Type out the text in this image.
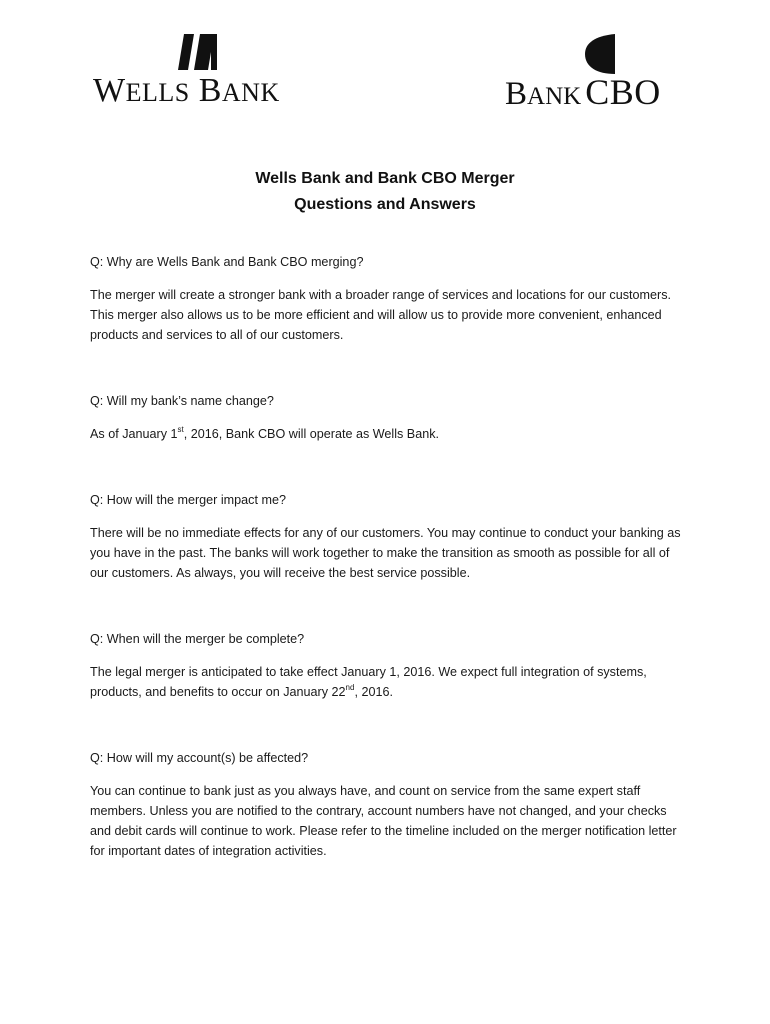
WELLS BANK	BANK CBO
Wells Bank and Bank CBO Merger
Questions and Answers

Q: Why are Wells Bank and Bank CBO merging?

The merger will create a stronger bank with a broader range of services and locations for our customers. This merger also allows us to be more efficient and will allow us to provide more convenient, enhanced products and services to all of our customers.

Q: Will my bank’s name change?

As of January 1st, 2016, Bank CBO will operate as Wells Bank.

Q: How will the merger impact me?

There will be no immediate effects for any of our customers. You may continue to conduct your banking as you have in the past. The banks will work together to make the transition as smooth as possible for all of our customers. As always, you will receive the best service possible.

Q: When will the merger be complete?

The legal merger is anticipated to take effect January 1, 2016. We expect full integration of systems, products, and benefits to occur on January 22nd, 2016.

Q: How will my account(s) be affected?

You can continue to bank just as you always have, and count on service from the same expert staff members. Unless you are notified to the contrary, account numbers have not changed, and your checks and debit cards will continue to work. Please refer to the timeline included on the merger notification letter for important dates of integration activities.
